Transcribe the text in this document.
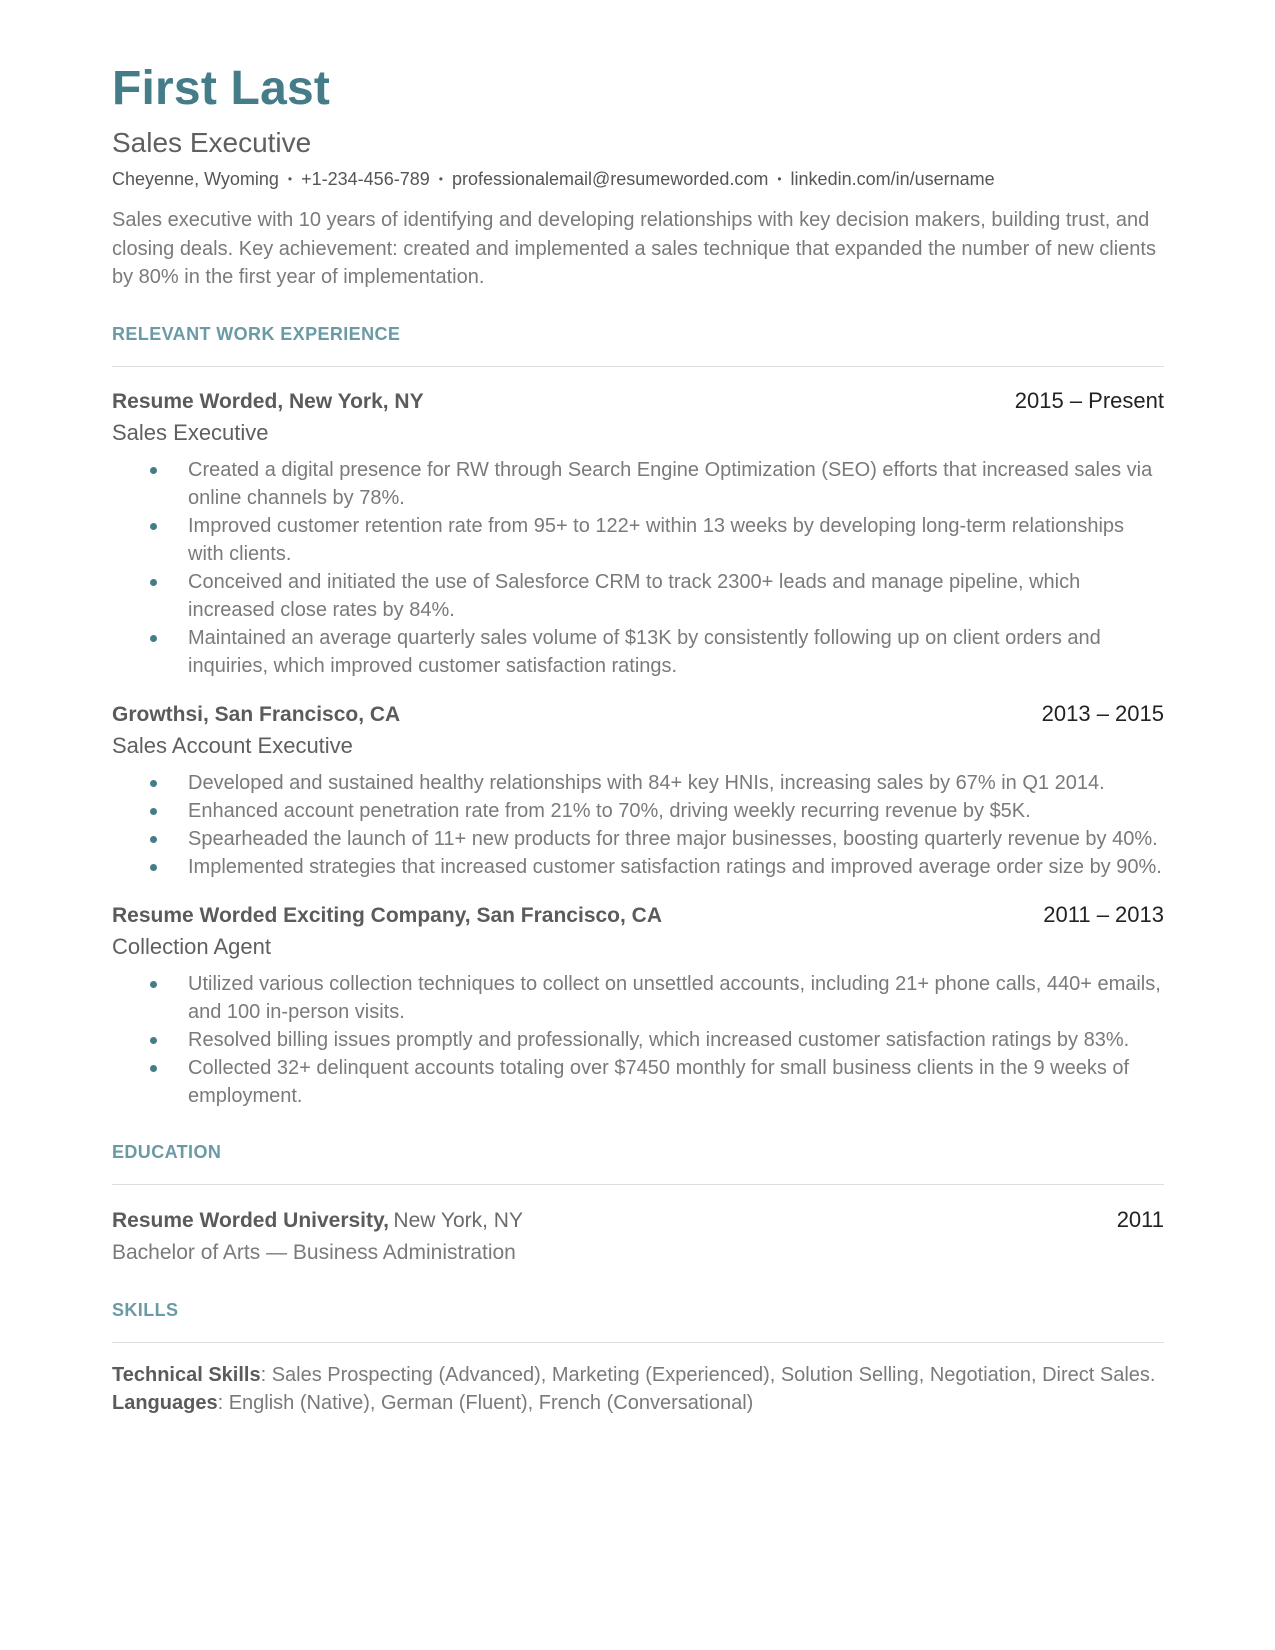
First Last
Sales Executive
Cheyenne, Wyoming • +1-234-456-789 • professionalemail@resumeworded.com • linkedin.com/in/username
Sales executive with 10 years of identifying and developing relationships with key decision makers, building trust, and closing deals. Key achievement: created and implemented a sales technique that expanded the number of new clients by 80% in the first year of implementation.
RELEVANT WORK EXPERIENCE
Resume Worded, New York, NY	2015 – Present
Sales Executive
Created a digital presence for RW through Search Engine Optimization (SEO) efforts that increased sales via online channels by 78%.
Improved customer retention rate from 95+ to 122+ within 13 weeks by developing long-term relationships with clients.
Conceived and initiated the use of Salesforce CRM to track 2300+ leads and manage pipeline, which increased close rates by 84%.
Maintained an average quarterly sales volume of $13K by consistently following up on client orders and inquiries, which improved customer satisfaction ratings.
Growthsi, San Francisco, CA	2013 – 2015
Sales Account Executive
Developed and sustained healthy relationships with 84+ key HNIs, increasing sales by 67% in Q1 2014.
Enhanced account penetration rate from 21% to 70%, driving weekly recurring revenue by $5K.
Spearheaded the launch of 11+ new products for three major businesses, boosting quarterly revenue by 40%.
Implemented strategies that increased customer satisfaction ratings and improved average order size by 90%.
Resume Worded Exciting Company, San Francisco, CA	2011 – 2013
Collection Agent
Utilized various collection techniques to collect on unsettled accounts, including 21+ phone calls, 440+ emails, and 100 in-person visits.
Resolved billing issues promptly and professionally, which increased customer satisfaction ratings by 83%.
Collected 32+ delinquent accounts totaling over $7450 monthly for small business clients in the 9 weeks of employment.
EDUCATION
Resume Worded University, New York, NY	2011
Bachelor of Arts — Business Administration
SKILLS
Technical Skills: Sales Prospecting (Advanced), Marketing (Experienced), Solution Selling, Negotiation, Direct Sales.
Languages: English (Native), German (Fluent), French (Conversational)
